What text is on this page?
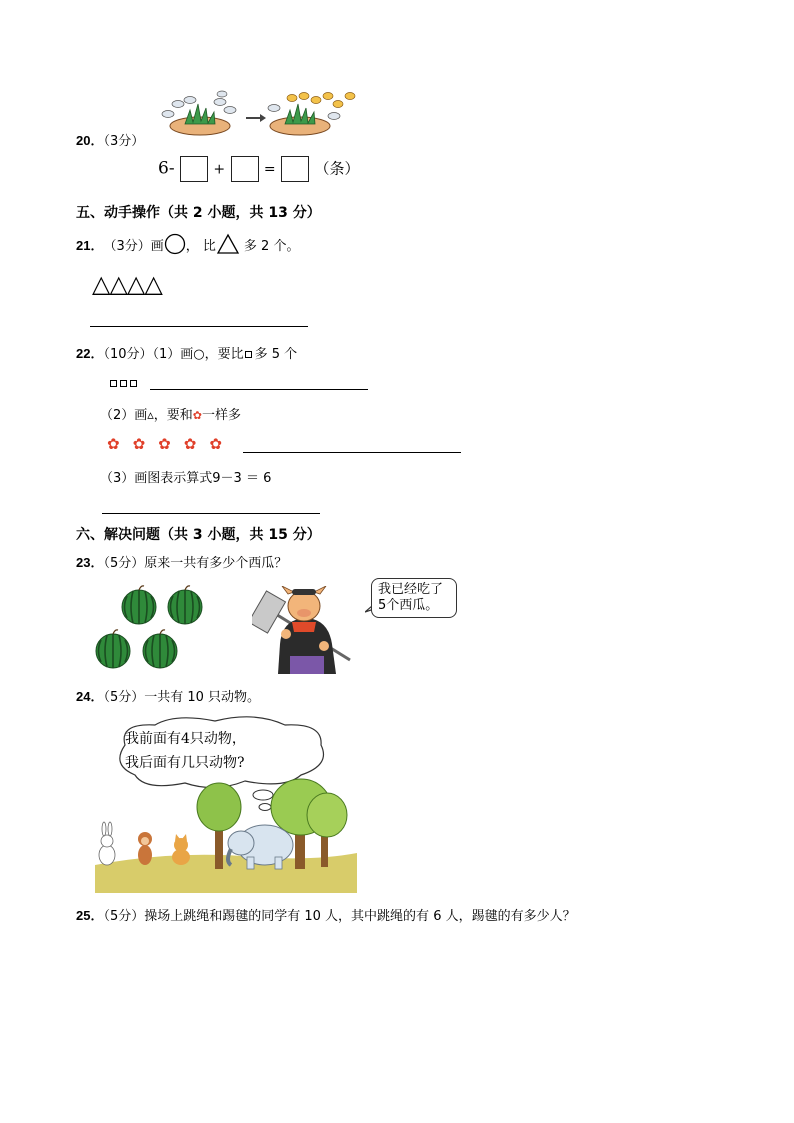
20．（3分）
6-	+	=	（条）
五、动手操作（共 2 小题，共 13 分）
21． （3分） 画 ， 比 多 2 个。
△△△△
22．（10分）（1）画○，要比 多 5 个
（2）画▵，要和✿一样多
✿ ✿ ✿ ✿ ✿
（3）画图表示算式9－3 ＝ 6
六、解决问题（共 3 小题，共 15 分）
23．（5分）原来一共有多少个西瓜？
我已经吃了
5个西瓜。
24．（5分）一共有 10 只动物。
我前面有4只动物，
我后面有几只动物?
25．（5分）操场上跳绳和踢毽的同学有 10 人，其中跳绳的有 6 人，踢毽的有多少人？
